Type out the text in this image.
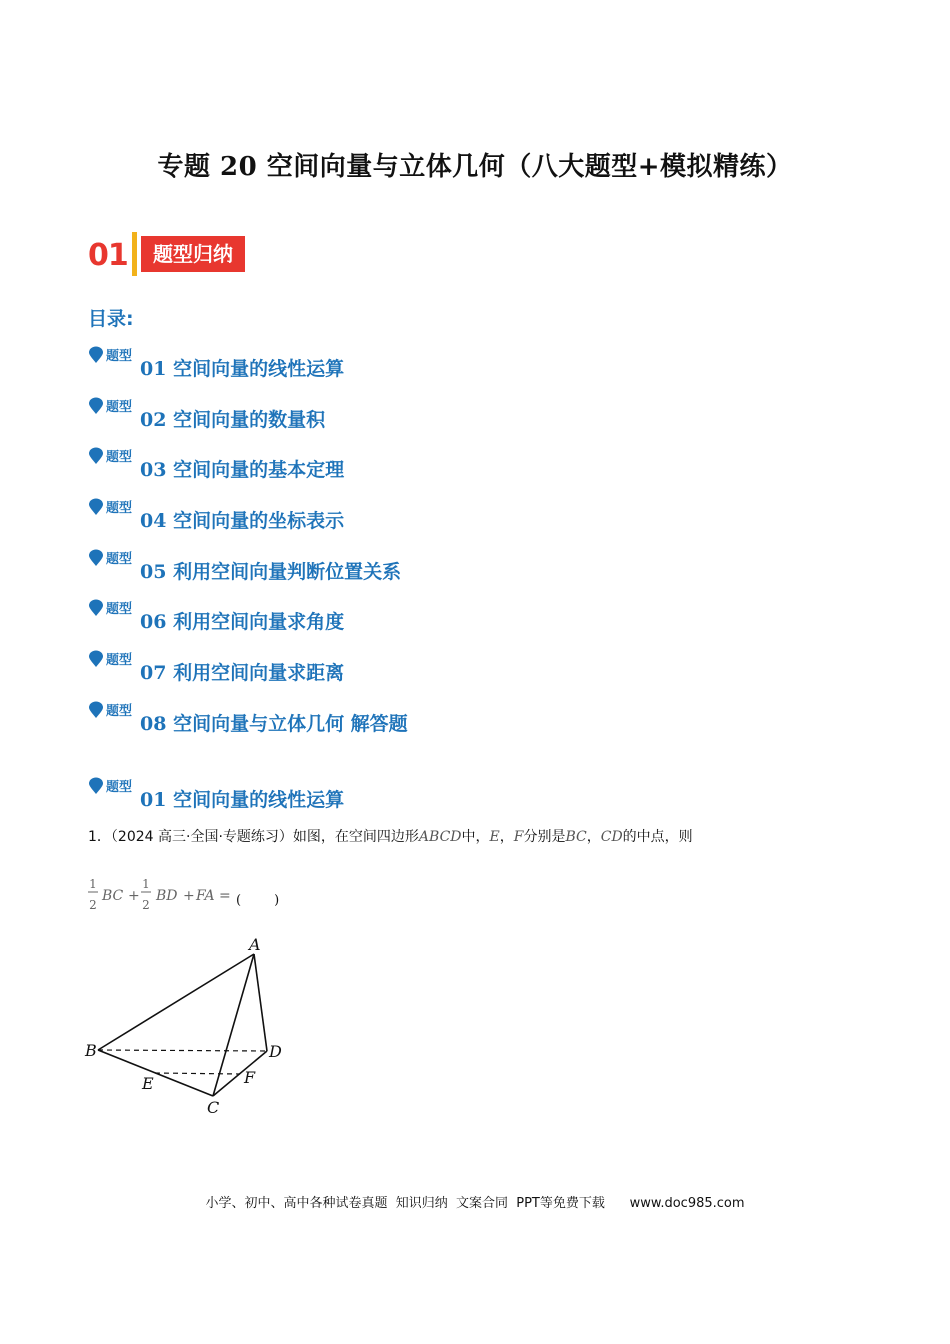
专题 20 空间向量与立体几何（八大题型+模拟精练）
01	题型归纳
目录:
题型
01 空间向量的线性运算
题型
02 空间向量的数量积
题型
03 空间向量的基本定理
题型
04 空间向量的坐标表示
题型
05 利用空间向量判断位置关系
题型
06 利用空间向量求角度
题型
07 利用空间向量求距离
题型
08 空间向量与立体几何 解答题
题型
01 空间向量的线性运算
1．（2024 高三·全国·专题练习）如图，在空间四边形ABCD中，E，F分别是BC，CD的中点，则
1
2
BC +
1
2
BD + FA = (        )
A
B
C
D
E	F
小学、初中、高中各种试卷真题  知识归纳  文案合同  PPT等免费下载      www.doc985.com
